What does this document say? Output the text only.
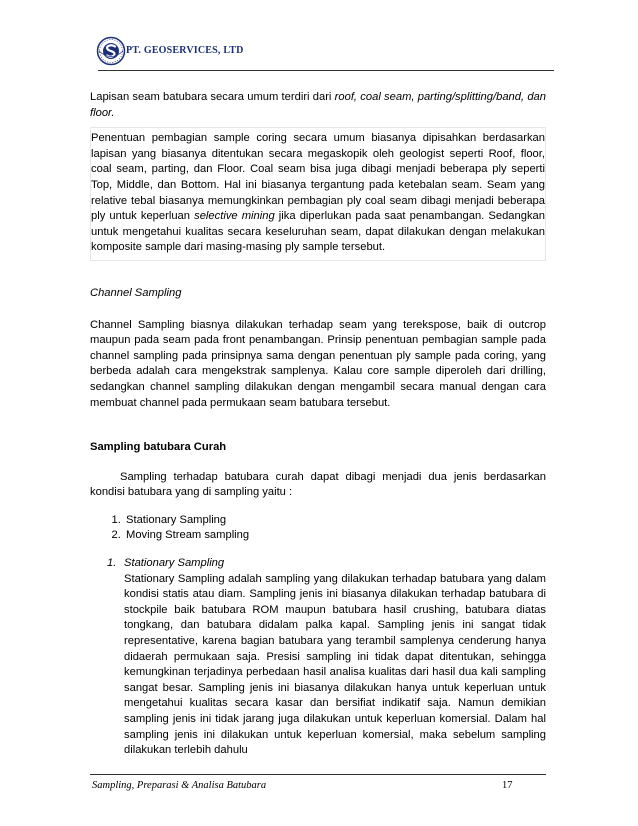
PT. GEOSERVICES, LTD

Lapisan seam batubara secara umum terdiri dari roof, coal seam, parting/splitting/band, dan floor.

Penentuan pembagian sample coring secara umum biasanya dipisahkan berdasarkan lapisan yang biasanya ditentukan secara megaskopik oleh geologist seperti Roof, floor, coal seam, parting, dan Floor. Coal seam bisa juga dibagi menjadi beberapa ply seperti Top, Middle, dan Bottom. Hal ini biasanya tergantung pada ketebalan seam. Seam yang relative tebal biasanya memungkinkan pembagian ply coal seam dibagi menjadi beberapa ply untuk keperluan selective mining jika diperlukan pada saat penambangan. Sedangkan untuk mengetahui kualitas secara keseluruhan seam, dapat dilakukan dengan melakukan komposite sample dari masing-masing ply sample tersebut.

Channel Sampling

Channel Sampling biasnya dilakukan terhadap seam yang terekspose, baik di outcrop maupun pada seam pada front penambangan. Prinsip penentuan pembagian sample pada channel sampling pada prinsipnya sama dengan penentuan ply sample pada coring, yang berbeda adalah cara mengekstrak samplenya. Kalau core sample diperoleh dari drilling, sedangkan channel sampling dilakukan dengan mengambil secara manual dengan cara membuat channel pada permukaan seam batubara tersebut.

Sampling batubara Curah

Sampling terhadap batubara curah dapat dibagi menjadi dua jenis berdasarkan kondisi batubara yang di sampling yaitu :

1. Stationary Sampling
2. Moving Stream sampling
1. Stationary Sampling

Stationary Sampling adalah sampling yang dilakukan terhadap batubara yang dalam kondisi statis atau diam. Sampling jenis ini biasanya dilakukan terhadap batubara di stockpile baik batubara ROM maupun batubara hasil crushing, batubara diatas tongkang, dan batubara didalam palka kapal. Sampling jenis ini sangat tidak representative, karena bagian batubara yang terambil samplenya cenderung hanya didaerah permukaan saja. Presisi sampling ini tidak dapat ditentukan, sehingga kemungkinan terjadinya perbedaan hasil analisa kualitas dari hasil dua kali sampling sangat besar. Sampling jenis ini biasanya dilakukan hanya untuk keperluan untuk mengetahui kualitas secara kasar dan bersifiat indikatif saja. Namun demikian sampling jenis ini tidak jarang juga dilakukan untuk keperluan komersial. Dalam hal sampling jenis ini dilakukan untuk keperluan komersial, maka sebelum sampling dilakukan terlebih dahulu

Sampling, Preparasi & Analisa Batubara	17
